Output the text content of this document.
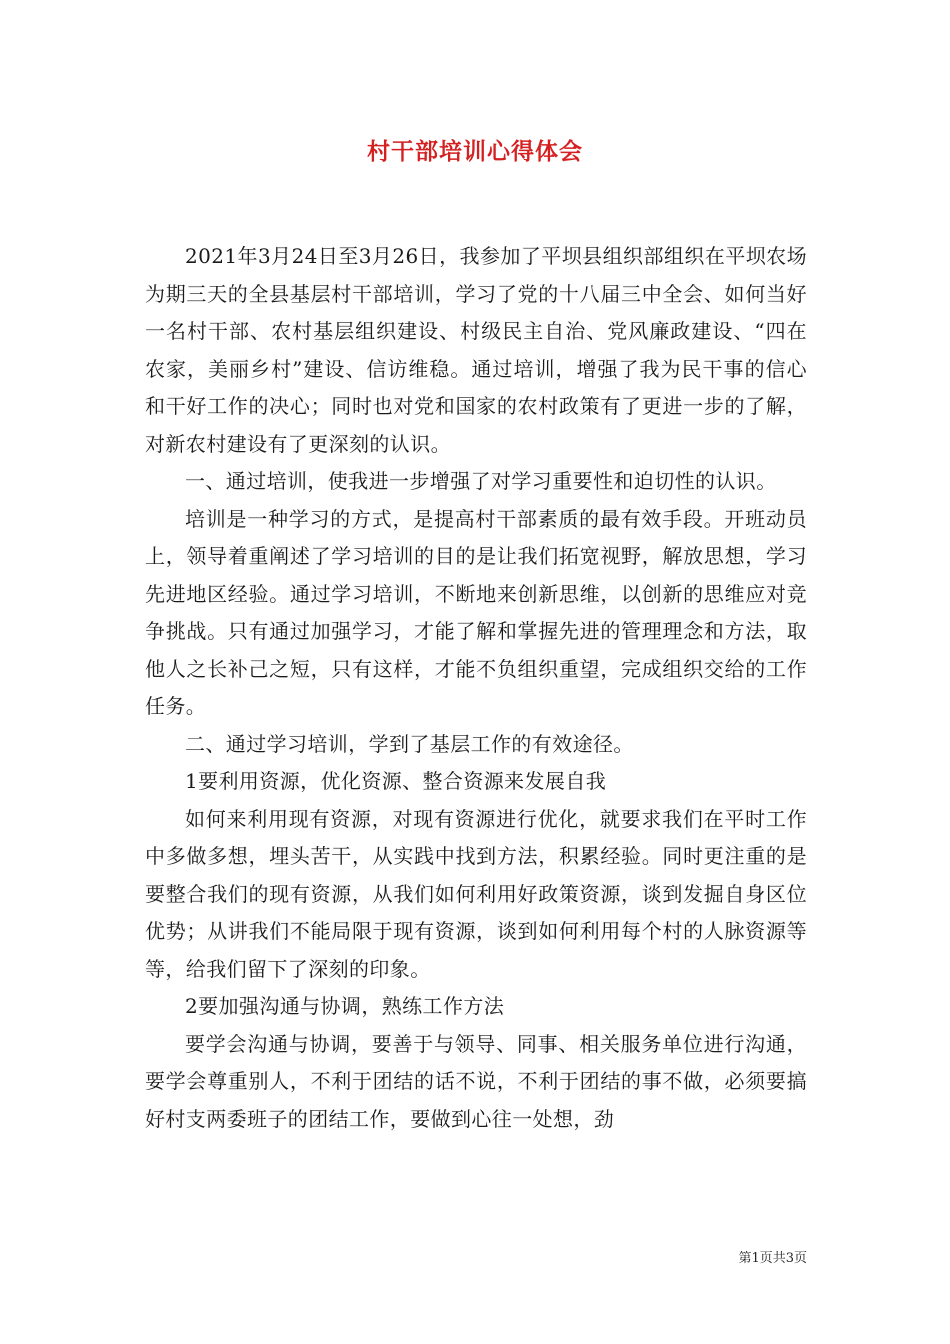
村干部培训心得体会

2021年3月24日至3月26日，我参加了平坝县组织部组织在平坝农场为期三天的全县基层村干部培训，学习了党的十八届三中全会、如何当好一名村干部、农村基层组织建设、村级民主自治、党风廉政建设、“四在农家，美丽乡村”建设、信访维稳。通过培训，增强了我为民干事的信心和干好工作的决心；同时也对党和国家的农村政策有了更进一步的了解，对新农村建设有了更深刻的认识。

一、通过培训，使我进一步增强了对学习重要性和迫切性的认识。

培训是一种学习的方式，是提高村干部素质的最有效手段。开班动员上，领导着重阐述了学习培训的目的是让我们拓宽视野，解放思想，学习先进地区经验。通过学习培训，不断地来创新思维，以创新的思维应对竞争挑战。只有通过加强学习，才能了解和掌握先进的管理理念和方法，取他人之长补己之短，只有这样，才能不负组织重望，完成组织交给的工作任务。

二、通过学习培训，学到了基层工作的有效途径。

1要利用资源，优化资源、整合资源来发展自我

如何来利用现有资源，对现有资源进行优化，就要求我们在平时工作中多做多想，埋头苦干，从实践中找到方法，积累经验。同时更注重的是要整合我们的现有资源，从我们如何利用好政策资源，谈到发掘自身区位优势；从讲我们不能局限于现有资源，谈到如何利用每个村的人脉资源等等，给我们留下了深刻的印象。

2要加强沟通与协调，熟练工作方法

要学会沟通与协调，要善于与领导、同事、相关服务单位进行沟通，要学会尊重别人，不利于团结的话不说，不利于团结的事不做，必须要搞好村支两委班子的团结工作，要做到心往一处想，劲

第1页共3页
